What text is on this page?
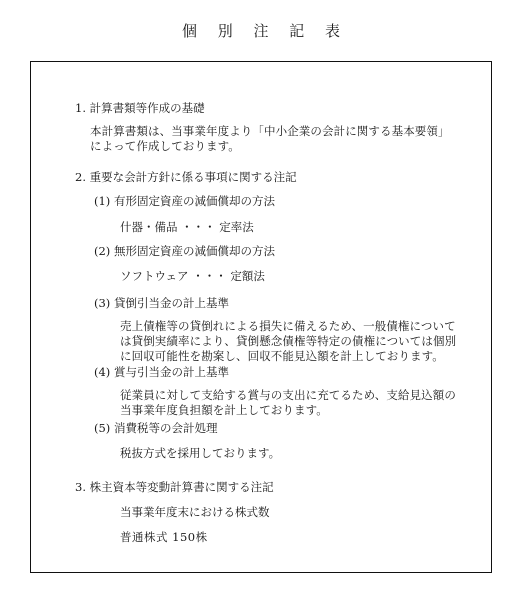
個 別 注 記 表
1. 計算書類等作成の基礎
本計算書類は、当事業年度より「中小企業の会計に関する基本要領」によって作成しております。
2. 重要な会計方針に係る事項に関する注記
(1) 有形固定資産の減価償却の方法
什器・備品 ・・・ 定率法
(2) 無形固定資産の減価償却の方法
ソフトウェア ・・・ 定額法
(3) 貸倒引当金の計上基準
売上債権等の貸倒れによる損失に備えるため、一般債権については貸倒実績率により、貸倒懸念債権等特定の債権については個別に回収可能性を勘案し、回収不能見込額を計上しております。
(4) 賞与引当金の計上基準
従業員に対して支給する賞与の支出に充てるため、支給見込額の当事業年度負担額を計上しております。
(5) 消費税等の会計処理
税抜方式を採用しております。
3. 株主資本等変動計算書に関する注記
当事業年度末における株式数
普通株式 150株
